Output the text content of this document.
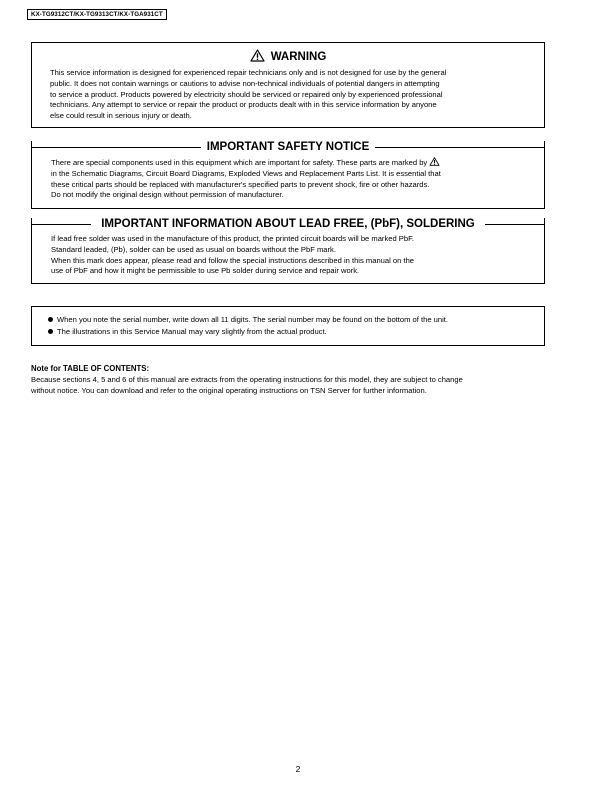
KX-TG9312CT/KX-TG9313CT/KX-TGA931CT
WARNING
This service information is designed for experienced repair technicians only and is not designed for use by the general
public. It does not contain warnings or cautions to advise non-technical individuals of potential dangers in attempting
to service a product. Products powered by electricity should be serviced or repaired only by experienced professional
technicians. Any attempt to service or repair the product or products dealt with in this service information by anyone
else could result in serious injury or death.
IMPORTANT SAFETY NOTICE
There are special components used in this equipment which are important for safety. These parts are marked by
in the Schematic Diagrams, Circuit Board Diagrams, Exploded Views and Replacement Parts List. It is essential that
these critical parts should be replaced with manufacturer's specified parts to prevent shock, fire or other hazards.
Do not modify the original design without permission of manufacturer.
IMPORTANT INFORMATION ABOUT LEAD FREE, (PbF), SOLDERING
If lead free solder was used in the manufacture of this product, the printed circuit boards will be marked PbF.
Standard leaded, (Pb), solder can be used as usual on boards without the PbF mark.
When this mark does appear, please read and follow the special instructions described in this manual on the
use of PbF and how it might be permissible to use Pb solder during service and repair work.
When you note the serial number, write down all 11 digits. The serial number may be found on the bottom of the unit.
The illustrations in this Service Manual may vary slightly from the actual product.
Note for TABLE OF CONTENTS:
Because sections 4, 5 and 6 of this manual are extracts from the operating instructions for this model, they are subject to change
without notice. You can download and refer to the original operating instructions on TSN Server for further information.
2
